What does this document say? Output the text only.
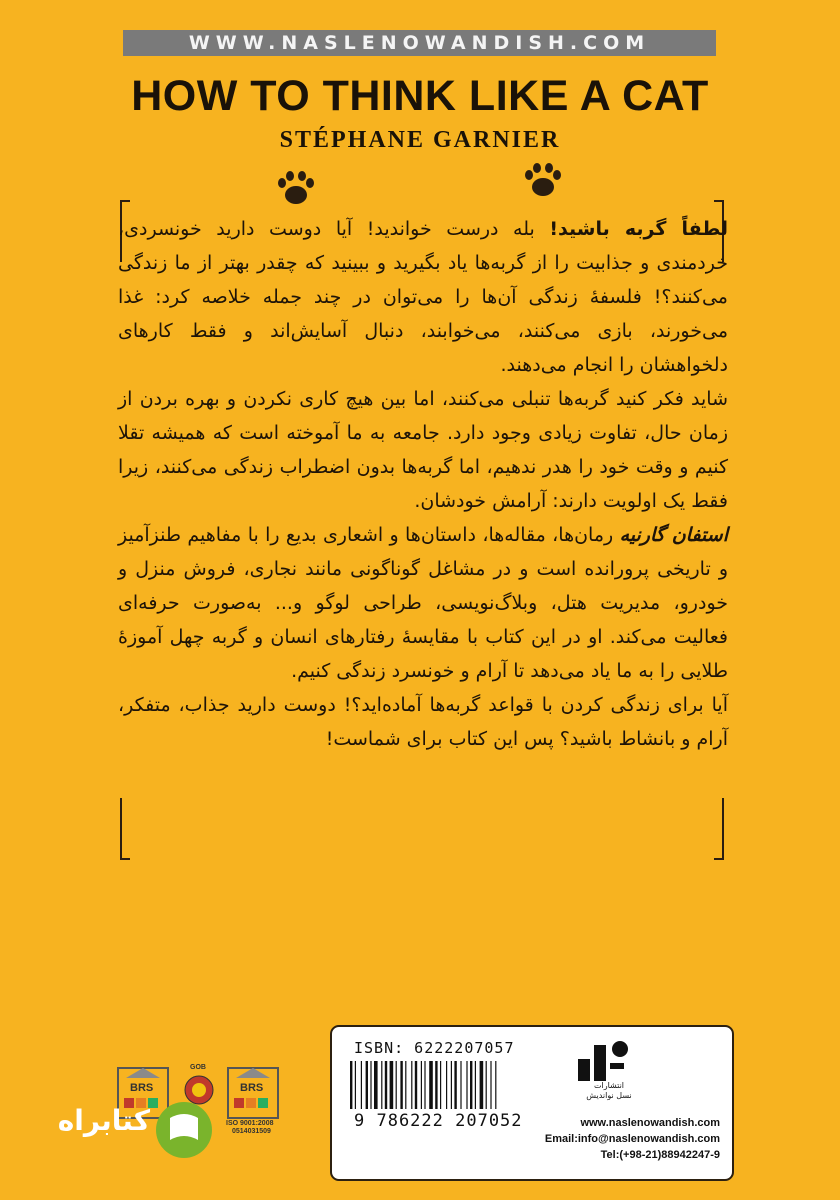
WWW.NASLENOWANDISH.COM
HOW TO THINK LIKE A CAT
STÉPHANE GARNIER

لطفاً گربه باشید! بله درست خواندید! آیا دوست دارید خونسردی، خردمندی و جذابیت را از گربه‌ها یاد بگیرید و ببینید که چقدر بهتر از ما زندگی می‌کنند؟! فلسفهٔ زندگی آن‌ها را می‌توان در چند جمله خلاصه کرد: غذا می‌خورند، بازی می‌کنند، می‌خوابند، دنبال آسایش‌اند و فقط کارهای دلخواهشان را انجام می‌دهند.

شاید فکر کنید گربه‌ها تنبلی می‌کنند، اما بین هیچ کاری نکردن و بهره بردن از زمان حال، تفاوت زیادی وجود دارد. جامعه به ما آموخته است که همیشه تقلا کنیم و وقت خود را هدر ندهیم، اما گربه‌ها بدون اضطراب زندگی می‌کنند، زیرا فقط یک اولویت دارند: آرامش خودشان.

استفان گارنیه رمان‌ها، مقاله‌ها، داستان‌ها و اشعاری بدیع را با مفاهیم طنزآمیز و تاریخی پرورانده است و در مشاغل گوناگونی مانند نجاری، فروش منزل و خودرو، مدیریت هتل، وبلاگ‌نویسی، طراحی لوگو و... به‌صورت حرفه‌ای فعالیت می‌کند. او در این کتاب با مقایسهٔ رفتارهای انسان و گربه چهل آموزهٔ طلایی را به ما یاد می‌دهد تا آرام و خونسرد زندگی کنیم.

آیا برای زندگی کردن با قواعد گربه‌ها آماده‌اید؟! دوست دارید جذاب، متفکر، آرام و بانشاط باشید؟ پس این کتاب برای شماست!

ISBN: 6222207057
9 786222 207052
انتشارات
نسل نواندیش
www.naslenowandish.com
Email:info@naslenowandish.com
Tel:(+98-21)88942247-9
BRS	BRS
GOB
ISO 9001:2008
0514031509
کتابراه
